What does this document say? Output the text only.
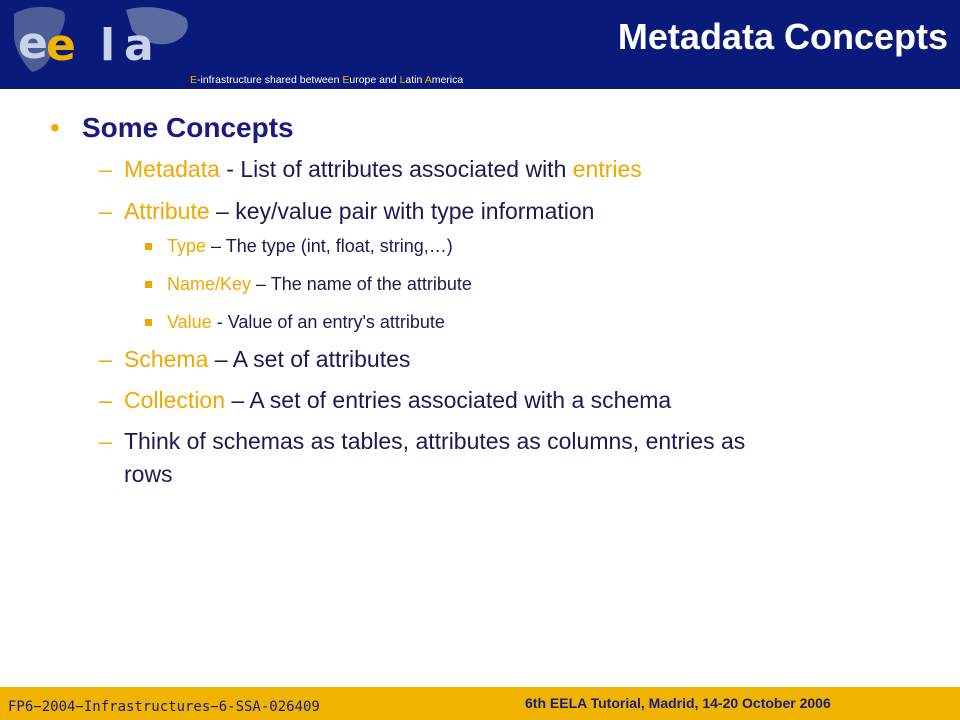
e
e l a
E-infrastructure shared between Europe and Latin America
Metadata Concepts
• Some Concepts
– Metadata - List of attributes associated with entries
– Attribute – key/value pair with type information
Type – The type (int, float, string,…)
Name/Key – The name of the attribute
Value - Value of an entry's attribute
– Schema – A set of attributes
– Collection – A set of entries associated with a schema
– Think of schemas as tables, attributes as columns, entries as
rows
FP6−2004−Infrastructures−6-SSA-026409	6th EELA Tutorial, Madrid, 14-20 October 2006
